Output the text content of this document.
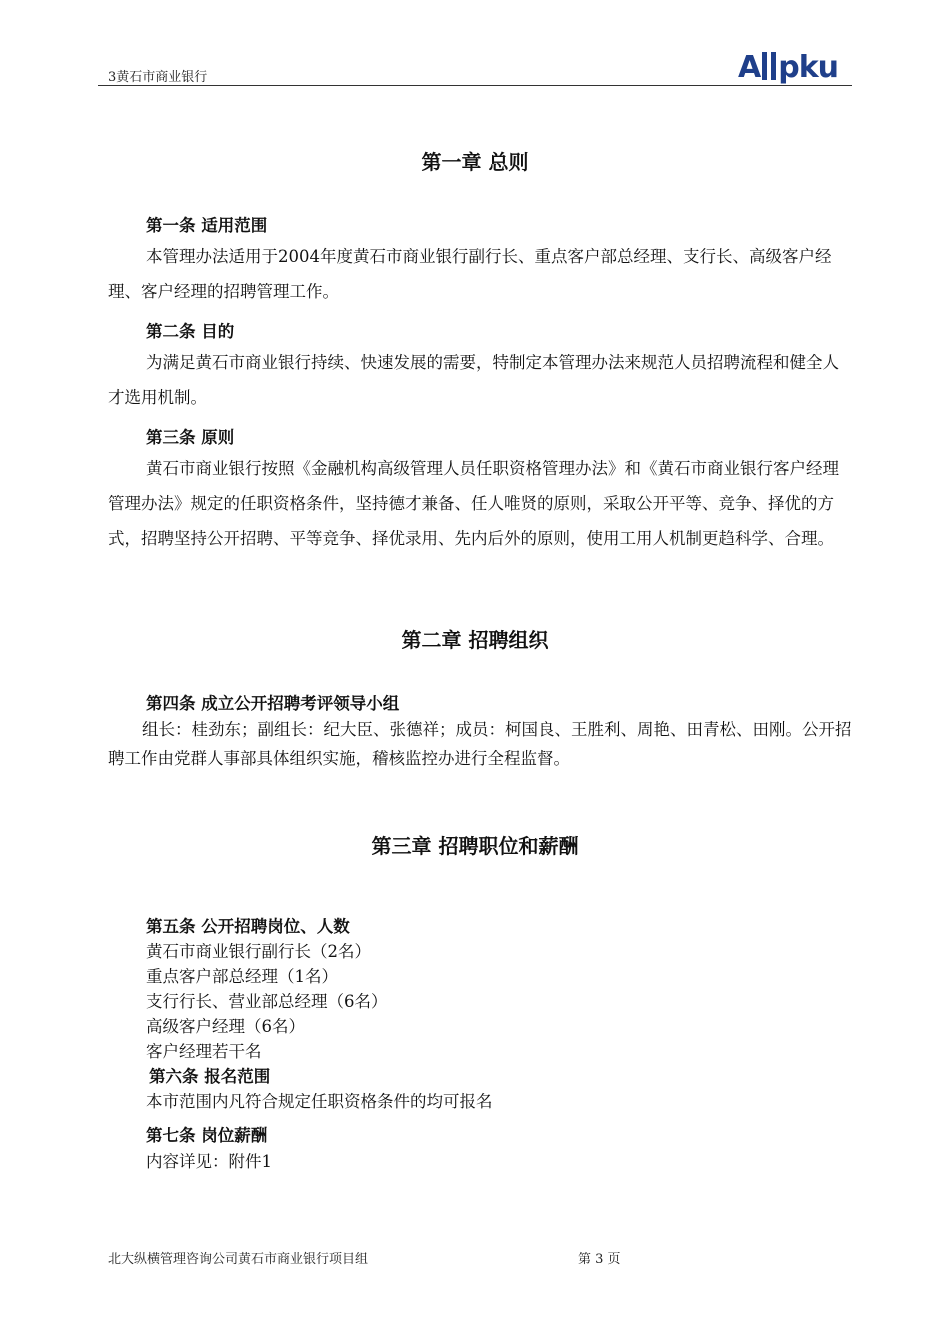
3黄石市商业银行	A pku
第一章 总则
第一条 适用范围
本管理办法适用于2004年度黄石市商业银行副行长、重点客户部总经理、支行长、高级客户经理、客户经理的招聘管理工作。
第二条 目的
为满足黄石市商业银行持续、快速发展的需要，特制定本管理办法来规范人员招聘流程和健全人才选用机制。
第三条 原则
黄石市商业银行按照《金融机构高级管理人员任职资格管理办法》和《黄石市商业银行客户经理管理办法》规定的任职资格条件，坚持德才兼备、任人唯贤的原则，采取公开平等、竞争、择优的方式，招聘坚持公开招聘、平等竞争、择优录用、先内后外的原则，使用工用人机制更趋科学、合理。
第二章 招聘组织
第四条 成立公开招聘考评领导小组
组长：桂劲东；副组长：纪大臣、张德祥；成员：柯国良、王胜利、周艳、田青松、田刚。公开招聘工作由党群人事部具体组织实施，稽核监控办进行全程监督。
第三章 招聘职位和薪酬
第五条 公开招聘岗位、人数
黄石市商业银行副行长（2名）
重点客户部总经理（1名）
支行行长、营业部总经理（6名）
高级客户经理（6名）
客户经理若干名
第六条 报名范围
本市范围内凡符合规定任职资格条件的均可报名
第七条 岗位薪酬
内容详见：附件1
北大纵横管理咨询公司黄石市商业银行项目组	第 3 页
